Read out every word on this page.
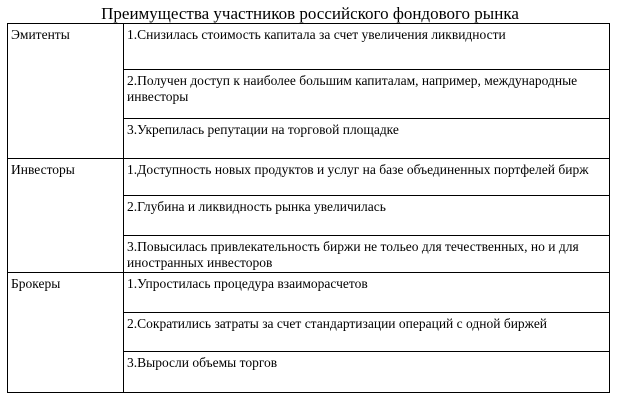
Преимущества участников российского фондового рынка
Эмитенты	1.Снизилась стоимость капитала за счет увеличения ликвидности
	2.Получен доступ к наиболее большим капиталам, например, международные инвесторы
	3.Укрепилась репутации на торговой площадке
Инвесторы	1.Доступность новых продуктов и услуг на базе объединенных портфелей бирж
	2.Глубина и ликвидность рынка увеличилась
	3.Повысилась привлекательность биржи не тольео для течественных, но и для иностранных инвесторов
Брокеры	1.Упростилась процедура взаиморасчетов
	2.Сократились затраты за счет стандартизации операций с одной биржей
	3.Выросли объемы торгов
